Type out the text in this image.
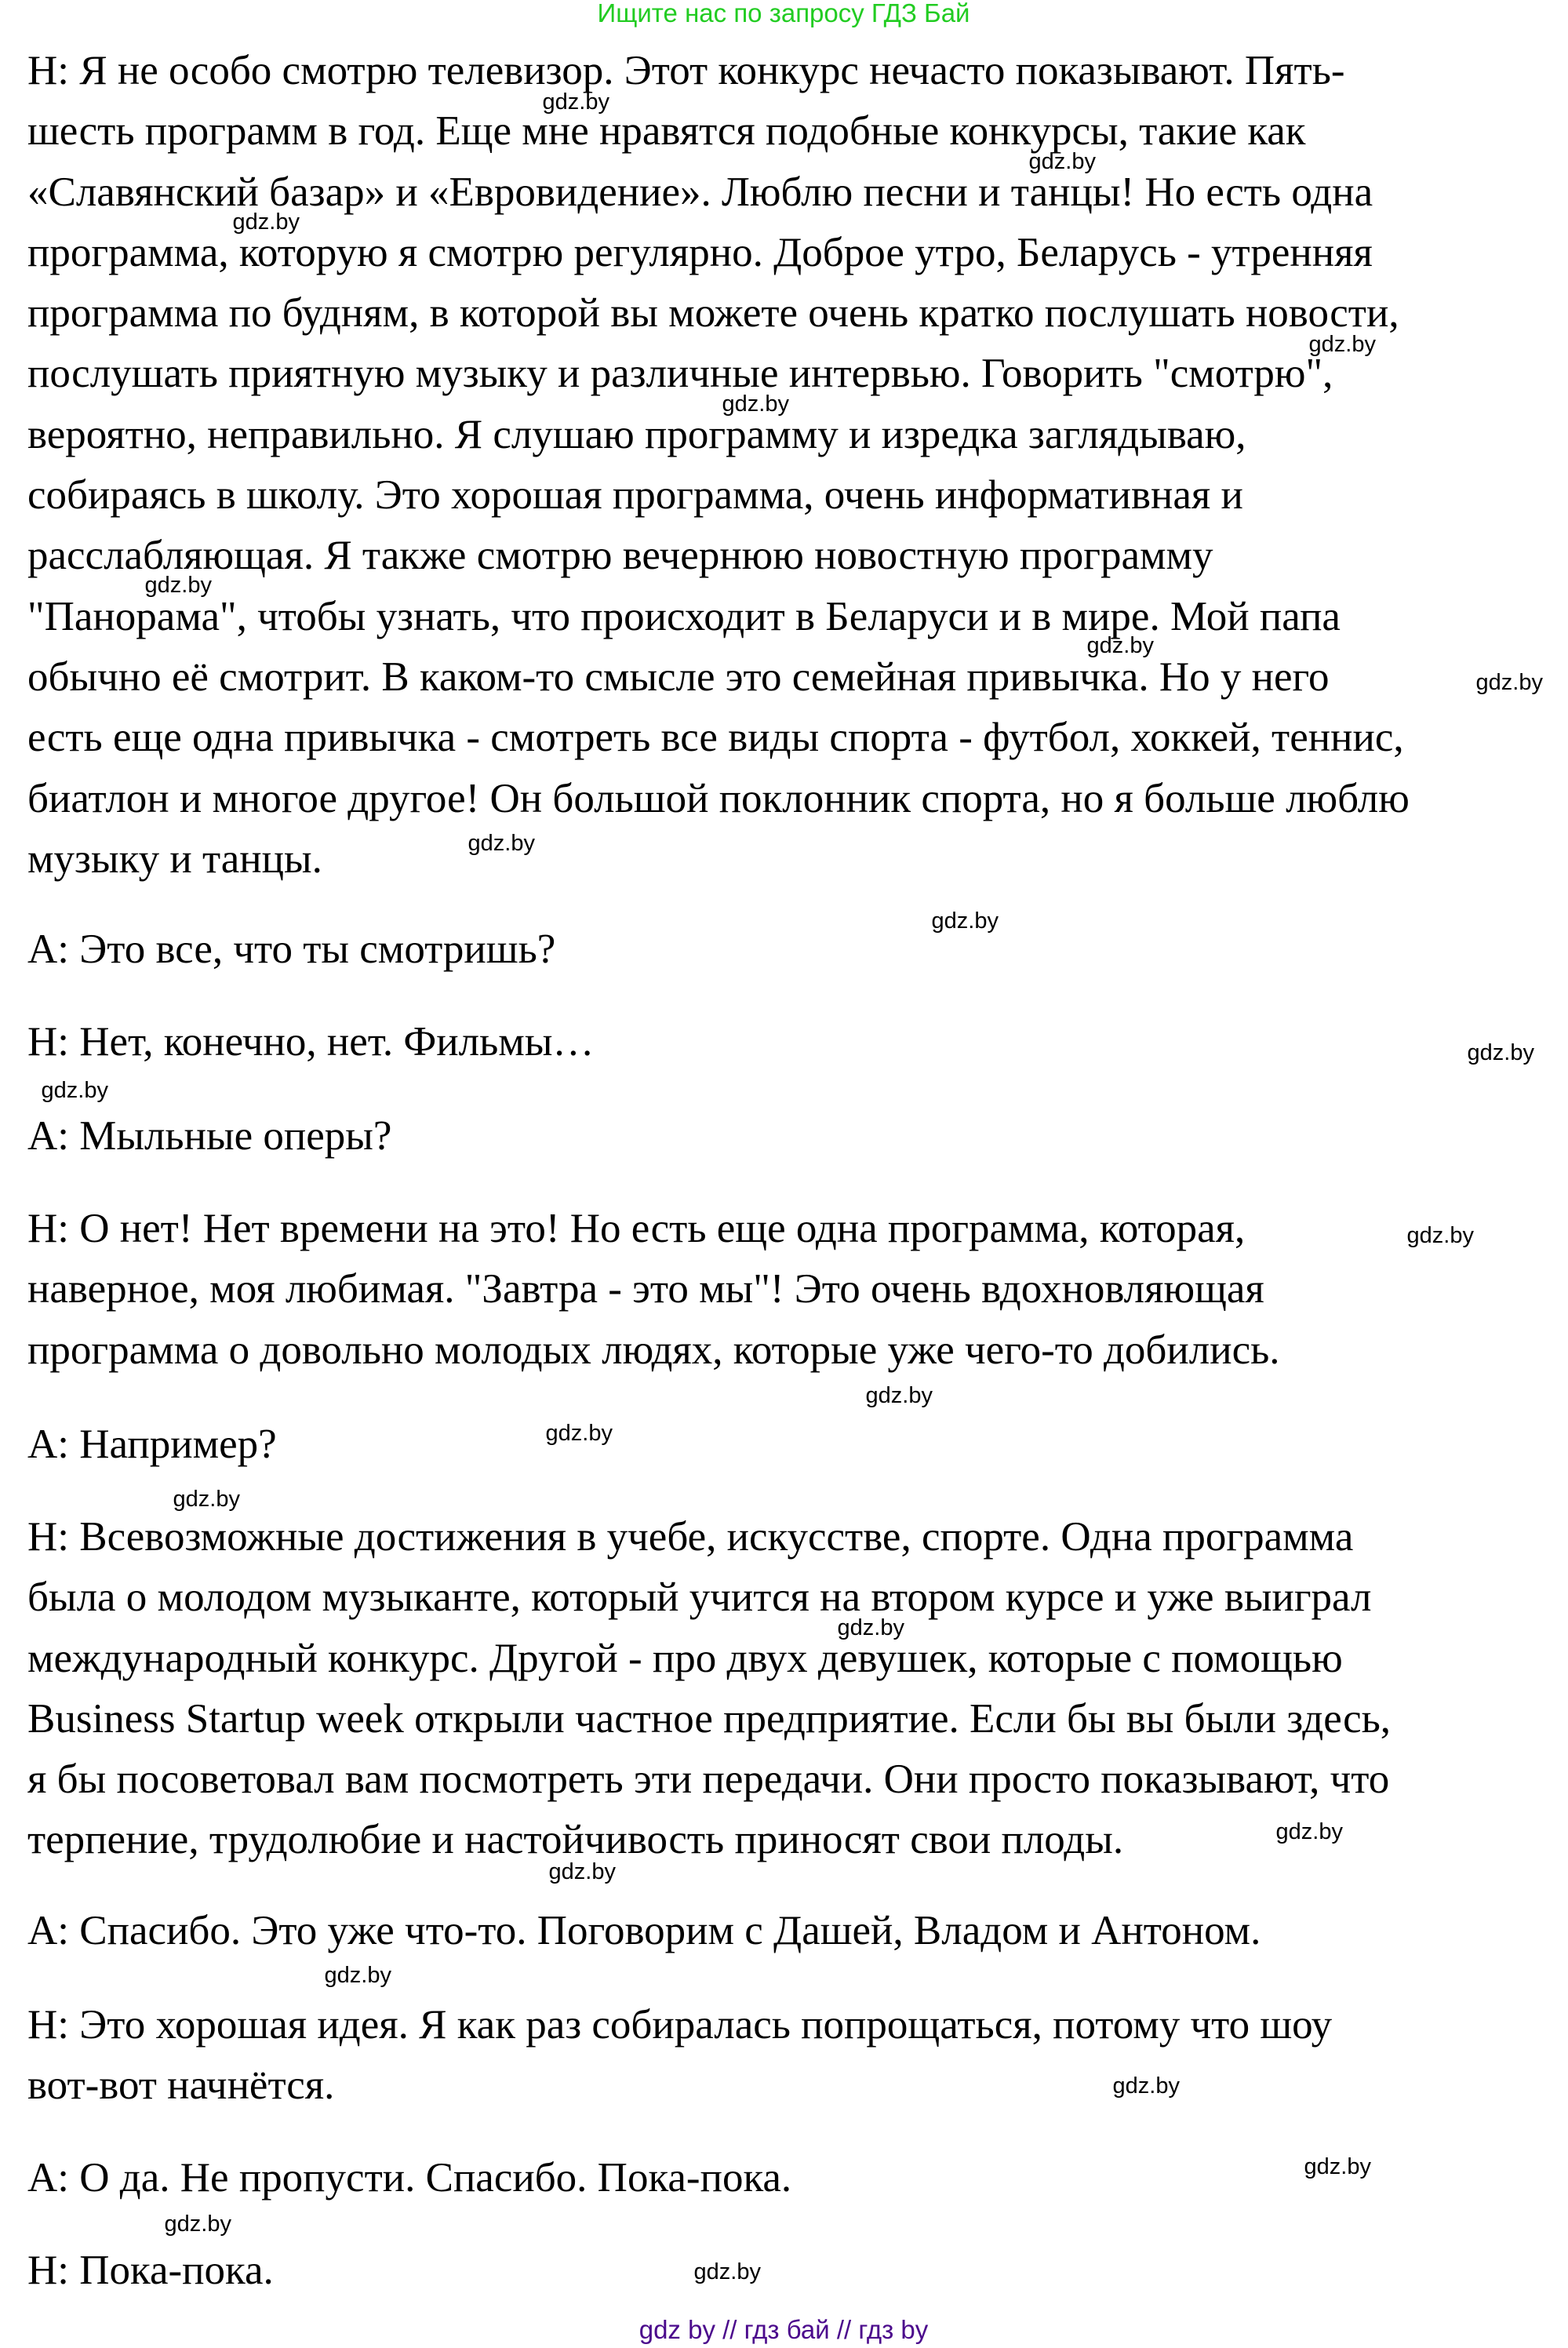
Ищите нас по запросу ГДЗ Бай
Н: Я не особо смотрю телевизор. Этот конкурс нечасто показывают. Пять-
шесть программ в год. Еще мне нравятся подобные конкурсы, такие как
«Славянский базар» и «Евровидение». Люблю песни и танцы! Но есть одна
программа, которую я смотрю регулярно. Доброе утро, Беларусь - утренняя
программа по будням, в которой вы можете очень кратко послушать новости,
послушать приятную музыку и различные интервью. Говорить "смотрю",
вероятно, неправильно. Я слушаю программу и изредка заглядываю,
собираясь в школу. Это хорошая программа, очень информативная и
расслабляющая. Я также смотрю вечернюю новостную программу
"Панорама", чтобы узнать, что происходит в Беларуси и в мире. Мой папа
обычно её смотрит. В каком-то смысле это семейная привычка. Но у него
есть еще одна привычка - смотреть все виды спорта - футбол, хоккей, теннис,
биатлон и многое другое! Он большой поклонник спорта, но я больше люблю
музыку и танцы.
А: Это все, что ты смотришь?
Н: Нет, конечно, нет. Фильмы…
А: Мыльные оперы?
Н: О нет! Нет времени на это! Но есть еще одна программа, которая,
наверное, моя любимая. "Завтра - это мы"! Это очень вдохновляющая
программа о довольно молодых людях, которые уже чего-то добились.
А: Например?
Н: Всевозможные достижения в учебе, искусстве, спорте. Одна программа
была о молодом музыканте, который учится на втором курсе и уже выиграл
международный конкурс. Другой - про двух девушек, которые с помощью
Business Startup week открыли частное предприятие. Если бы вы были здесь,
я бы посоветовал вам посмотреть эти передачи. Они просто показывают, что
терпение, трудолюбие и настойчивость приносят свои плоды.
А: Спасибо. Это уже что-то. Поговорим с Дашей, Владом и Антоном.
Н: Это хорошая идея. Я как раз собиралась попрощаться, потому что шоу
вот-вот начнётся.
А: О да. Не пропусти. Спасибо. Пока-пока.
Н: Пока-пока.
gdz.by
gdz.by
gdz.by
gdz.by
gdz.by
gdz.by
gdz.by
gdz.by
gdz.by
gdz.by
gdz.by
gdz.by
gdz.by
gdz.by
gdz.by
gdz.by
gdz.by
gdz.by
gdz.by
gdz.by
gdz.by
gdz.by
gdz.by
gdz.by
gdz by // гдз бай // гдз by
